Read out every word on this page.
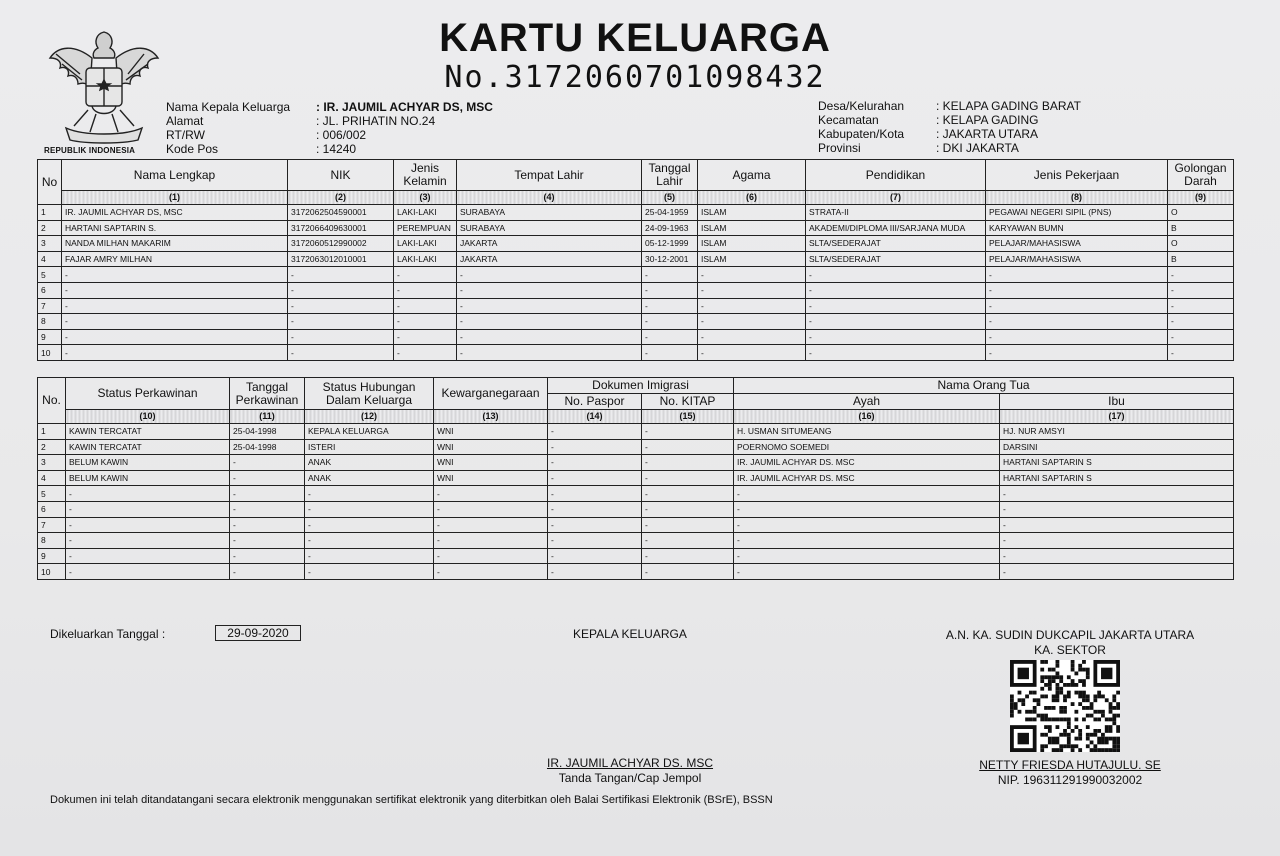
REPUBLIK INDONESIA
KARTU KELUARGA
No.3172060701098432
Nama Kepala Keluarga	: IR. JAUMIL ACHYAR DS, MSC
Alamat	: JL. PRIHATIN NO.24
RT/RW	: 006/002
Kode Pos	: 14240
Desa/Kelurahan	: KELAPA GADING BARAT
Kecamatan	: KELAPA GADING
Kabupaten/Kota	: JAKARTA UTARA
Provinsi	: DKI JAKARTA
No	Nama Lengkap	NIK	Jenis Kelamin	Tempat Lahir	Tanggal Lahir	Agama	Pendidikan	Jenis Pekerjaan	Golongan Darah
	(1)	(2)	(3)	(4)	(5)	(6)	(7)	(8)	(9)
1	IR. JAUMIL ACHYAR DS, MSC	3172062504590001	LAKI-LAKI	SURABAYA	25-04-1959	ISLAM	STRATA-II	PEGAWAI NEGERI SIPIL (PNS)	O
2	HARTANI SAPTARIN S.	3172066409630001	PEREMPUAN	SURABAYA	24-09-1963	ISLAM	AKADEMI/DIPLOMA III/SARJANA MUDA	KARYAWAN BUMN	B
3	NANDA MILHAN MAKARIM	3172060512990002	LAKI-LAKI	JAKARTA	05-12-1999	ISLAM	SLTA/SEDERAJAT	PELAJAR/MAHASISWA	O
4	FAJAR AMRY MILHAN	3172063012010001	LAKI-LAKI	JAKARTA	30-12-2001	ISLAM	SLTA/SEDERAJAT	PELAJAR/MAHASISWA	B
5	-	-	-	-	-	-	-	-	-
6	-	-	-	-	-	-	-	-	-
7	-	-	-	-	-	-	-	-	-
8	-	-	-	-	-	-	-	-	-
9	-	-	-	-	-	-	-	-	-
10	-	-	-	-	-	-	-	-	-
No.	Status Perkawinan	Tanggal Perkawinan	Status Hubungan Dalam Keluarga	Kewarganegaraan	Dokumen Imigrasi		Nama Orang Tua	
					No. Paspor	No. KITAP	Ayah	Ibu
	(10)	(11)	(12)	(13)	(14)	(15)	(16)	(17)
1	KAWIN TERCATAT	25-04-1998	KEPALA KELUARGA	WNI	-	-	H. USMAN SITUMEANG	HJ. NUR AMSYI
2	KAWIN TERCATAT	25-04-1998	ISTERI	WNI	-	-	POERNOMO SOEMEDI	DARSINI
3	BELUM KAWIN	-	ANAK	WNI	-	-	IR. JAUMIL ACHYAR DS. MSC	HARTANI SAPTARIN S
4	BELUM KAWIN	-	ANAK	WNI	-	-	IR. JAUMIL ACHYAR DS. MSC	HARTANI SAPTARIN S
5	-	-	-	-	-	-	-	-
6	-	-	-	-	-	-	-	-
7	-	-	-	-	-	-	-	-
8	-	-	-	-	-	-	-	-
9	-	-	-	-	-	-	-	-
10	-	-	-	-	-	-	-	-
Dikeluarkan Tanggal :	29-09-2020	KEPALA KELUARGA	A.N. KA. SUDIN DUKCAPIL JAKARTA UTARA
KA. SEKTOR
IR. JAUMIL ACHYAR DS. MSC
Tanda Tangan/Cap Jempol
NETTY FRIESDA HUTAJULU. SE
NIP. 196311291990032002
Dokumen ini telah ditandatangani secara elektronik menggunakan sertifikat elektronik yang diterbitkan oleh Balai Sertifikasi Elektronik (BSrE), BSSN
